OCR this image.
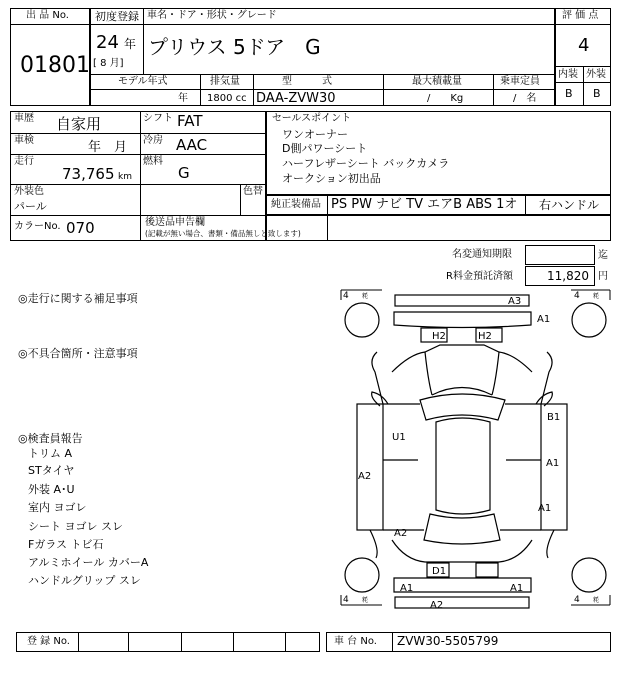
出 品 No.
01801
初度登録
24 年
[ 8 月]
車名・ドア・形状・グレード
プリウス 5ドア　G
モデル年式
年
排気量
1800 cc
型　　　式
DAA-ZVW30
最大積載量
/　　Kg
乗車定員
/　名
評 価 点
4
内装 外装
B B
車歴 自家用	シフト FAT
車検	年　月 冷房 AAC
走行
73,765 km
燃料
G
外装色
パール
色替
カラーNo. 070	後送品申告欄
(記載が無い場合、書類・備品無しと致します)
セールスポイント
ワンオーナー
D側パワーシート
ハーフレザーシート バックカメラ
オークション初出品
純正装備品 PS PW ナビ TV エアB ABS 1オ 右ハンドル
名変通知期限	迄
R料金預託済額	11,820 円
◎走行に関する補足事項
◎不具合箇所・注意事項
◎検査員報告
トリム A
STタイヤ
外装 A･U
室内 ヨゴレ
シート ヨゴレ スレ
Fガラス トビ石
アルミホイール カバーA
ハンドルグリップ スレ
4 粍	4 粍
4 粍	4 粍
A3
A1
H2	H2
B1
U1
A1
A2
A1
A2
D1
A1	A1
A2
登 録 No.	車 台 No. ZVW30-5505799
